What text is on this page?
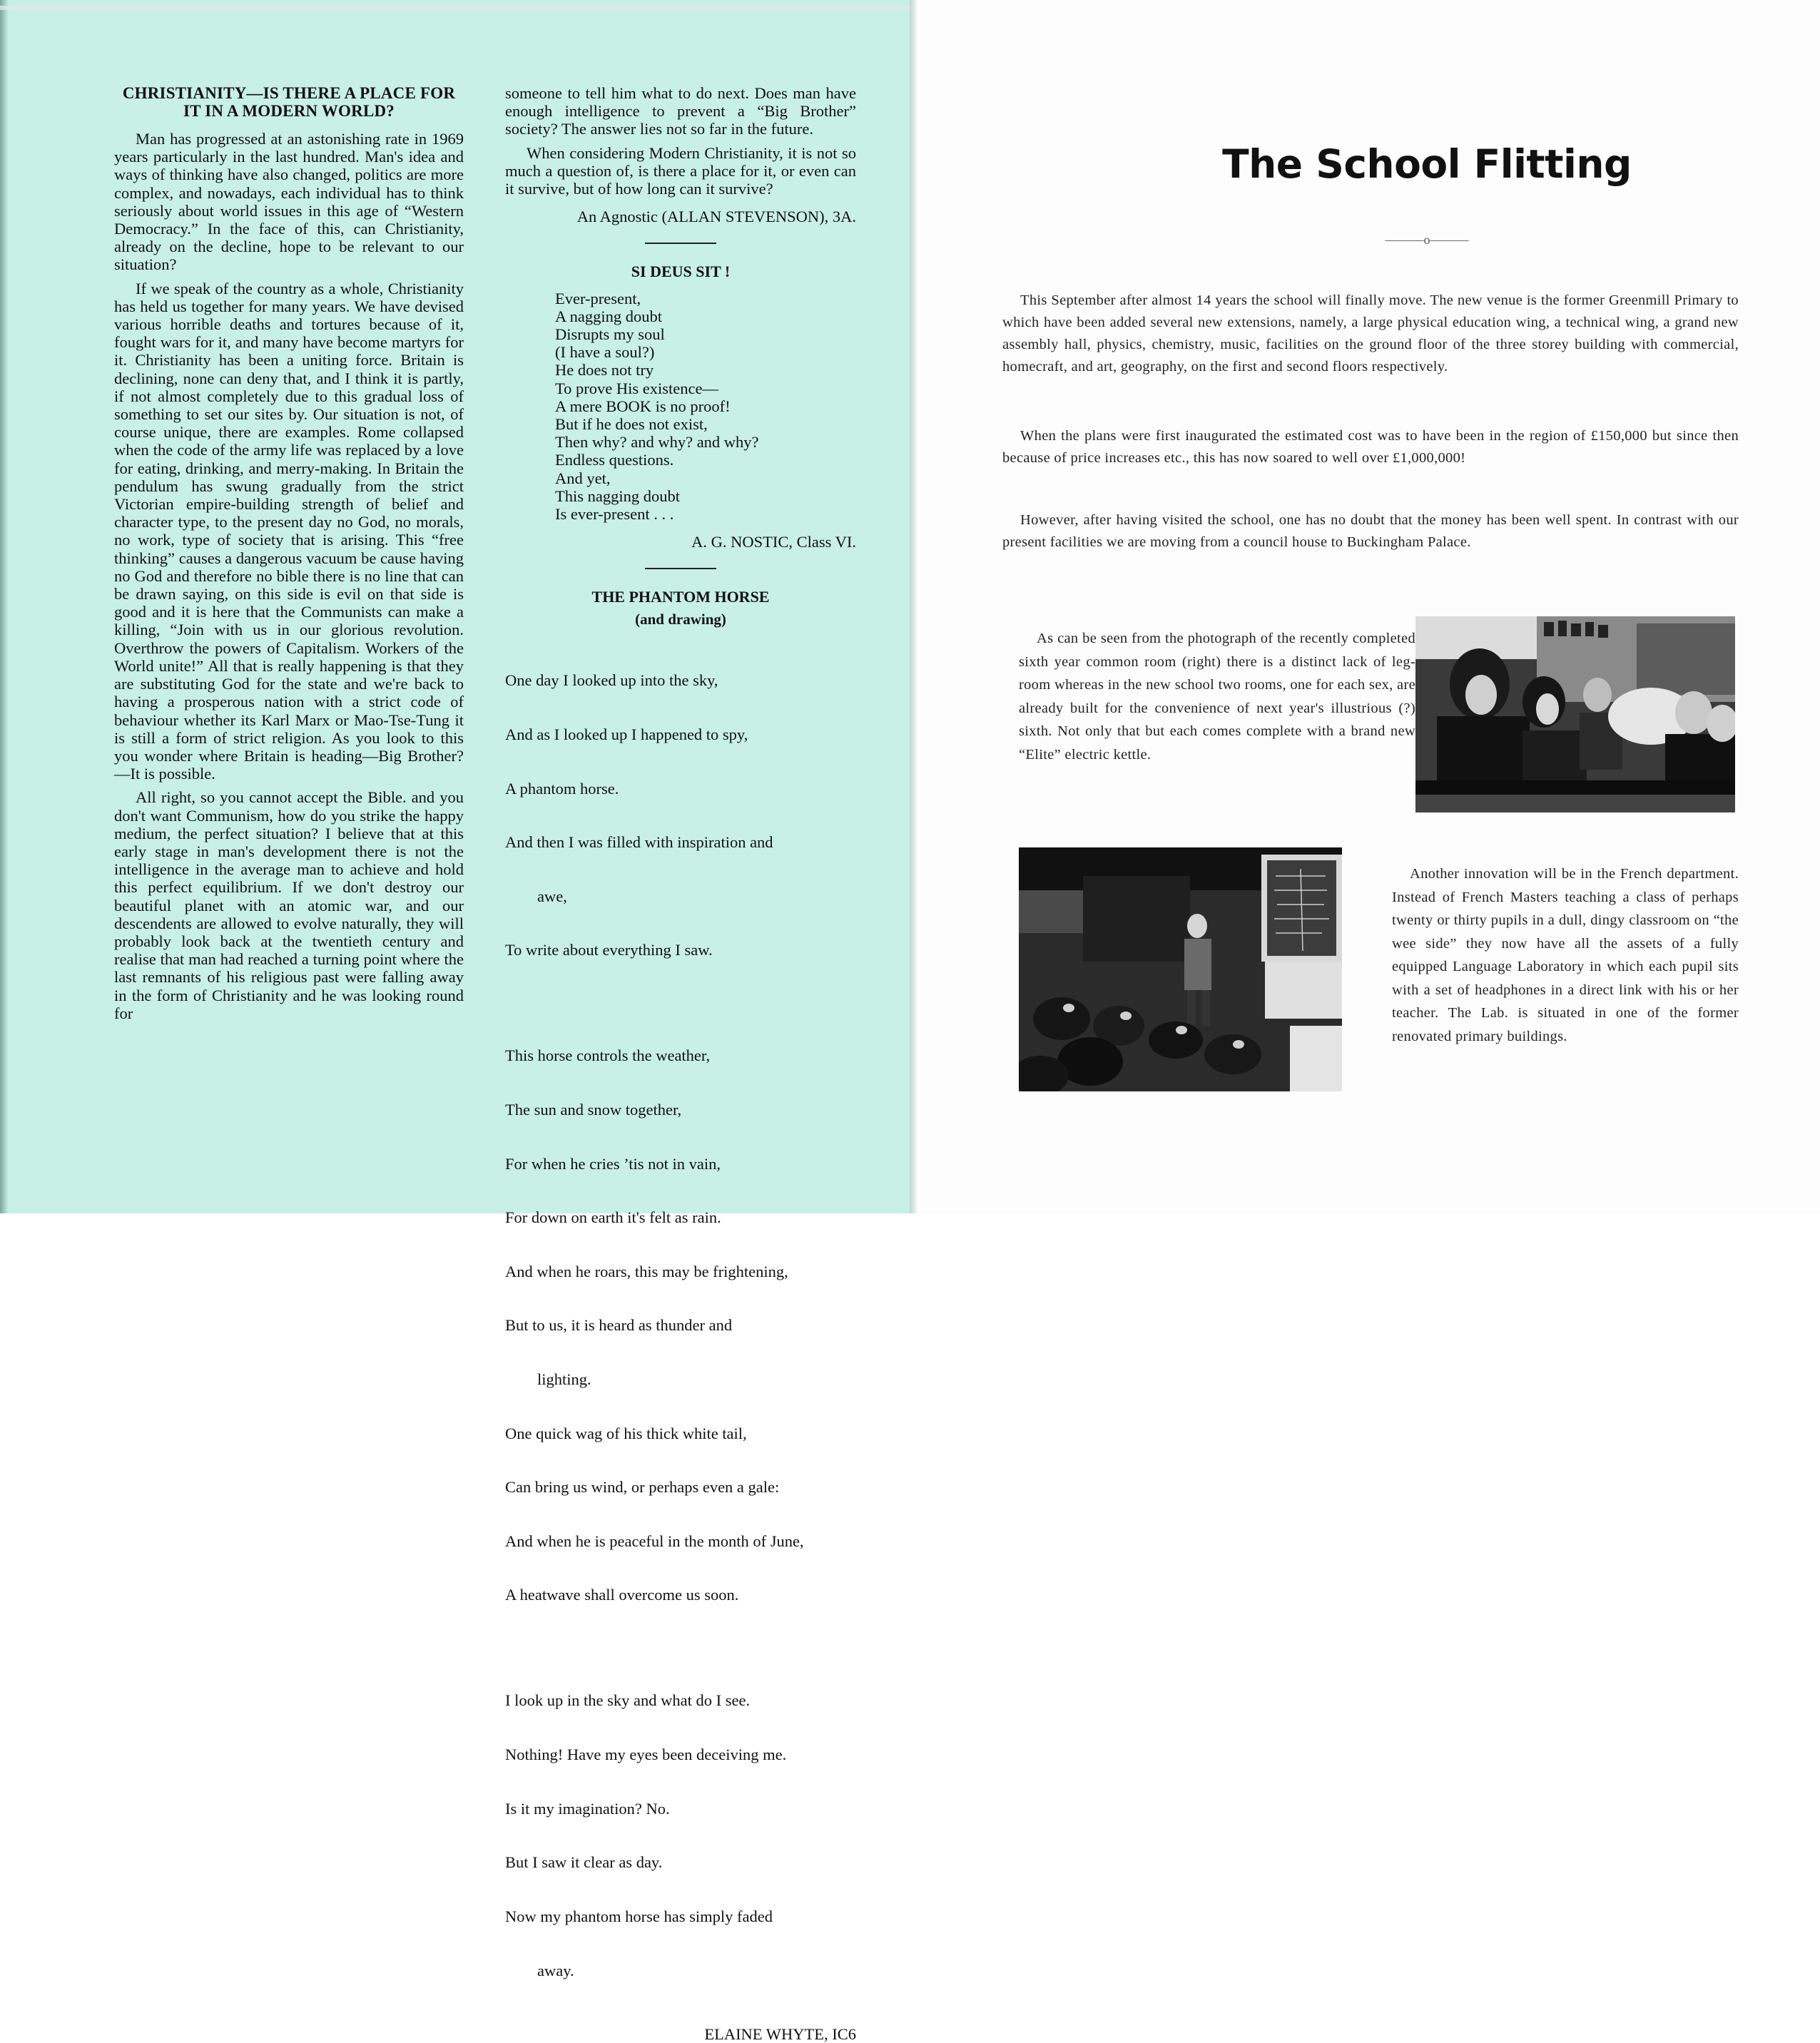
CHRISTIANITY—IS THERE A PLACE FOR IT IN A MODERN WORLD?

Man has progressed at an astonishing rate in 1969 years particularly in the last hundred. Man's idea and ways of thinking have also changed, politics are more complex, and nowadays, each individual has to think seriously about world issues in this age of “Western Democracy.” In the face of this, can Christianity, already on the decline, hope to be relevant to our situation?

If we speak of the country as a whole, Christianity has held us together for many years. We have devised various horrible deaths and tortures because of it, fought wars for it, and many have become martyrs for it. Christianity has been a uniting force. Britain is declining, none can deny that, and I think it is partly, if not almost completely due to this gradual loss of something to set our sites by. Our situation is not, of course unique, there are examples. Rome collapsed when the code of the army life was replaced by a love for eating, drinking, and merry-making. In Britain the pendulum has swung gradually from the strict Victorian empire-building strength of belief and character type, to the present day no God, no morals, no work, type of society that is arising. This “free thinking” causes a dangerous vacuum be cause having no God and therefore no bible there is no line that can be drawn saying, on this side is evil on that side is good and it is here that the Communists can make a killing, “Join with us in our glorious revolution. Overthrow the powers of Capitalism. Workers of the World unite!” All that is really happening is that they are substituting God for the state and we're back to having a prosperous nation with a strict code of behaviour whether its Karl Marx or Mao-Tse-Tung it is still a form of strict religion. As you look to this you wonder where Britain is heading—Big Brother?—It is possible.

All right, so you cannot accept the Bible. and you don't want Communism, how do you strike the happy medium, the perfect situation? I believe that at this early stage in man's development there is not the intelligence in the average man to achieve and hold this perfect equilibrium. If we don't destroy our beautiful planet with an atomic war, and our descendents are allowed to evolve naturally, they will probably look back at the twentieth century and realise that man had reached a turning point where the last remnants of his religious past were falling away in the form of Christianity and he was looking round for

someone to tell him what to do next. Does man have enough intelligence to prevent a “Big Brother” society? The answer lies not so far in the future.

When considering Modern Christianity, it is not so much a question of, is there a place for it, or even can it survive, but of how long can it survive?

An Agnostic (ALLAN STEVENSON), 3A.
SI DEUS SIT !
Ever-present,
A nagging doubt
Disrupts my soul
(I have a soul?)
He does not try
To prove His existence—
A mere BOOK is no proof!
But if he does not exist,
Then why? and why? and why?
Endless questions.
And yet,
This nagging doubt
Is ever-present . . .
A. G. NOSTIC, Class VI.
THE PHANTOM HORSE
(and drawing)

One day I looked up into the sky,

And as I looked up I happened to spy,

A phantom horse.

And then I was filled with inspiration and

awe,

To write about everything I saw.

This horse controls the weather,

The sun and snow together,

For when he cries ’tis not in vain,

For down on earth it's felt as rain.

And when he roars, this may be frightening,

But to us, it is heard as thunder and

lighting.

One quick wag of his thick white tail,

Can bring us wind, or perhaps even a gale:

And when he is peaceful in the month of June,

A heatwave shall overcome us soon.

I look up in the sky and what do I see.

Nothing! Have my eyes been deceiving me.

Is it my imagination? No.

But I saw it clear as day.

Now my phantom horse has simply faded

away.

ELAINE WHYTE, IC6
The School Flitting
———o———
This September after almost 14 years the school will finally move. The new venue is the former Greenmill Primary to which have been added several new extensions, namely, a large physical education wing, a technical wing, a grand new assembly hall, physics, chemistry, music, facilities on the ground floor of the three storey building with commercial, homecraft, and art, geography, on the first and second floors respectively.
When the plans were first inaugurated the estimated cost was to have been in the region of £150,000 but since then because of price increases etc., this has now soared to well over £1,000,000!
However, after having visited the school, one has no doubt that the money has been well spent. In contrast with our present facilities we are moving from a council house to Buckingham Palace.
As can be seen from the photograph of the recently completed sixth year common room (right) there is a distinct lack of leg-room whereas in the new school two rooms, one for each sex, are already built for the convenience of next year's illustrious (?) sixth. Not only that but each comes complete with a brand new “Elite” electric kettle.
Another innovation will be in the French department. Instead of French Masters teaching a class of perhaps twenty or thirty pupils in a dull, dingy classroom on “the wee side” they now have all the assets of a fully equipped Language Laboratory in which each pupil sits with a set of headphones in a direct link with his or her teacher. The Lab. is situated in one of the former renovated primary buildings.
